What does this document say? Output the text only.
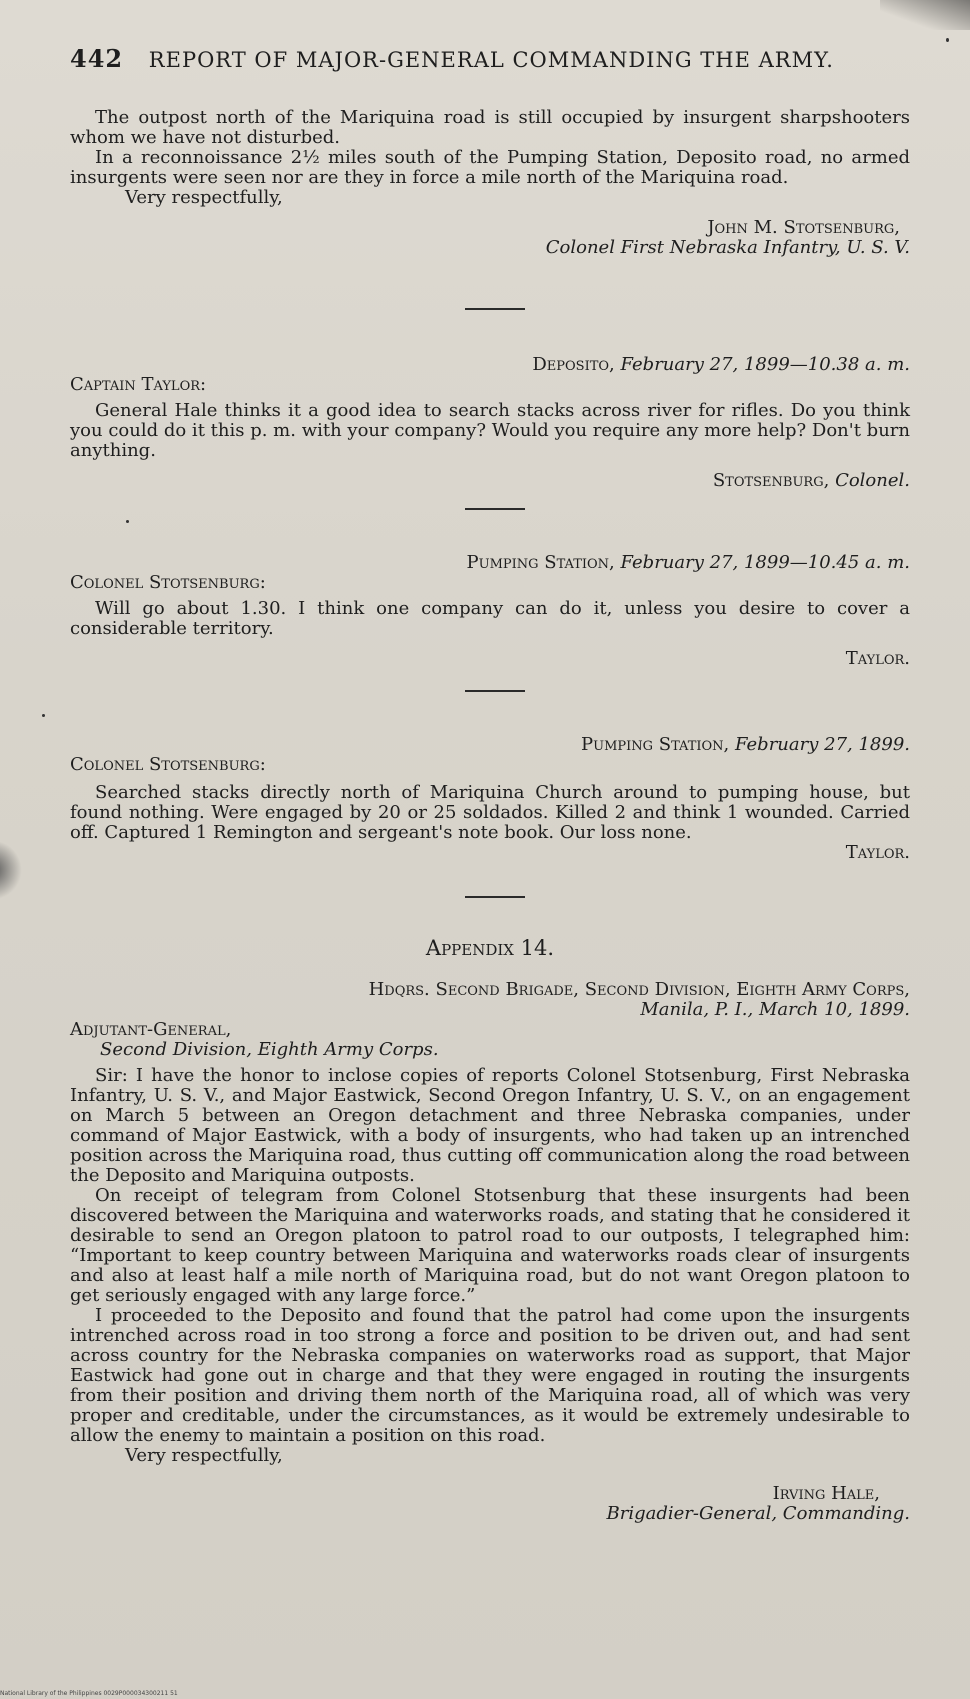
442 REPORT OF MAJOR-GENERAL COMMANDING THE ARMY.

The outpost north of the Mariquina road is still occupied by insurgent sharpshooters whom we have not disturbed.

In a reconnoissance 2½ miles south of the Pumping Station, Deposito road, no armed insurgents were seen nor are they in force a mile north of the Mariquina road.

Very respectfully,

John M. Stotsenburg,
Colonel First Nebraska Infantry, U. S. V.
Deposito, February 27, 1899—10.38 a. m.
Captain Taylor:

General Hale thinks it a good idea to search stacks across river for rifles. Do you think you could do it this p. m. with your company? Would you require any more help? Don't burn anything.

Stotsenburg, Colonel.
Pumping Station, February 27, 1899—10.45 a. m.
Colonel Stotsenburg:

Will go about 1.30. I think one company can do it, unless you desire to cover a considerable territory.

Taylor.
Pumping Station, February 27, 1899.
Colonel Stotsenburg:

Searched stacks directly north of Mariquina Church around to pumping house, but found nothing. Were engaged by 20 or 25 soldados. Killed 2 and think 1 wounded. Carried off. Captured 1 Remington and sergeant's note book. Our loss none.

Taylor.
Appendix 14.
Hdqrs. Second Brigade, Second Division, Eighth Army Corps,
Manila, P. I., March 10, 1899.
Adjutant-General,
Second Division, Eighth Army Corps.

Sir: I have the honor to inclose copies of reports Colonel Stotsenburg, First Nebraska Infantry, U. S. V., and Major Eastwick, Second Oregon Infantry, U. S. V., on an engagement on March 5 between an Oregon detachment and three Nebraska companies, under command of Major Eastwick, with a body of insurgents, who had taken up an intrenched position across the Mariquina road, thus cutting off communication along the road between the Deposito and Mariquina outposts.

On receipt of telegram from Colonel Stotsenburg that these insurgents had been discovered between the Mariquina and waterworks roads, and stating that he considered it desirable to send an Oregon platoon to patrol road to our outposts, I telegraphed him: “Important to keep country between Mariquina and waterworks roads clear of insurgents and also at least half a mile north of Mariquina road, but do not want Oregon platoon to get seriously engaged with any large force.”

I proceeded to the Deposito and found that the patrol had come upon the insurgents intrenched across road in too strong a force and position to be driven out, and had sent across country for the Nebraska companies on waterworks road as support, that Major Eastwick had gone out in charge and that they were engaged in routing the insurgents from their position and driving them north of the Mariquina road, all of which was very proper and creditable, under the circumstances, as it would be extremely undesirable to allow the enemy to maintain a position on this road.

Very respectfully,

Irving Hale,
Brigadier-General, Commanding.
National Library of the Philippines 0029P000034300211 51
